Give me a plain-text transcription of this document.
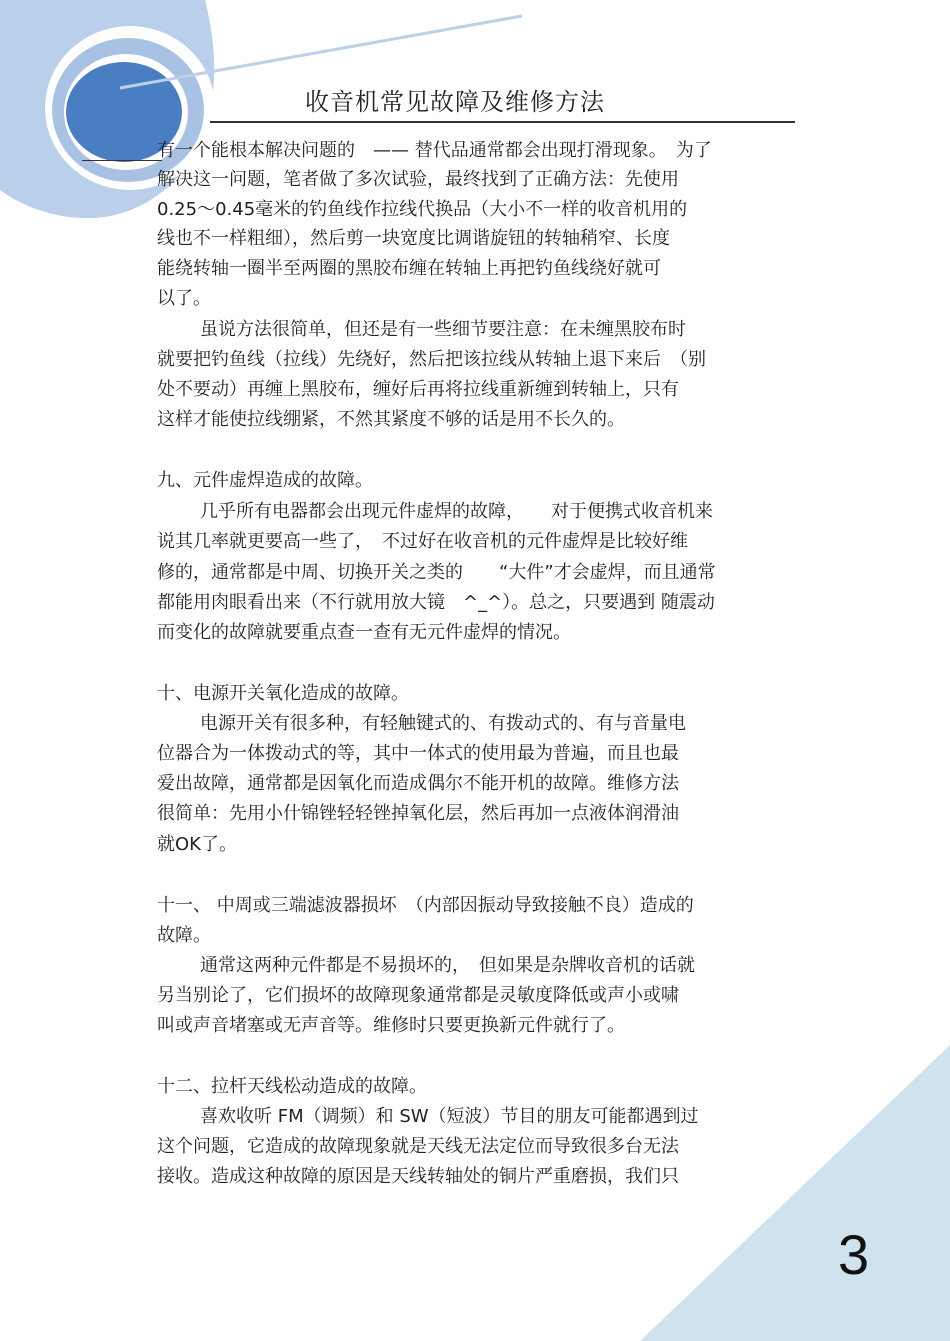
收音机常见故障及维修方法
有一个能根本解决问题的　—— 替代品通常都会出现打滑现象。　为了
解决这一问题，笔者做了多次试验，最终找到了正确方法：先使用
0.25～0.45毫米的钓鱼线作拉线代换品（大小不一样的收音机用的
线也不一样粗细），然后剪一块宽度比调谐旋钮的转轴稍窄、长度
能绕转轴一圈半至两圈的黑胶布缠在转轴上再把钓鱼线绕好就可
以了。
虽说方法很简单，但还是有一些细节要注意：在未缠黑胶布时
就要把钓鱼线（拉线）先绕好，然后把该拉线从转轴上退下来后　（别
处不要动）再缠上黑胶布，缠好后再将拉线重新缠到转轴上，只有
这样才能使拉线绷紧，不然其紧度不够的话是用不长久的。
九、元件虚焊造成的故障。
几乎所有电器都会出现元件虚焊的故障，　　对于便携式收音机来
说其几率就更要高一些了，　不过好在收音机的元件虚焊是比较好维
修的，通常都是中周、切换开关之类的　　“大件”才会虚焊，而且通常
都能用肉眼看出来（不行就用放大镜　^_^）。总之，只要遇到 随震动
而变化的故障就要重点查一查有无元件虚焊的情况。
十、电源开关氧化造成的故障。
电源开关有很多种，有轻触键式的、有拨动式的、有与音量电
位器合为一体拨动式的等，其中一体式的使用最为普遍，而且也最
爱出故障，通常都是因氧化而造成偶尔不能开机的故障。维修方法
很简单：先用小什锦锉轻轻锉掉氧化层，然后再加一点液体润滑油
就OK了。
十一、 中周或三端滤波器损坏　（内部因振动导致接触不良）造成的
故障。
通常这两种元件都是不易损坏的，　但如果是杂牌收音机的话就
另当别论了，它们损坏的故障现象通常都是灵敏度降低或声小或啸
叫或声音堵塞或无声音等。维修时只要更换新元件就行了。
十二、拉杆天线松动造成的故障。
喜欢收听 FM（调频）和 SW（短波）节目的朋友可能都遇到过
这个问题，它造成的故障现象就是天线无法定位而导致很多台无法
接收。造成这种故障的原因是天线转轴处的铜片严重磨损，我们只
3
